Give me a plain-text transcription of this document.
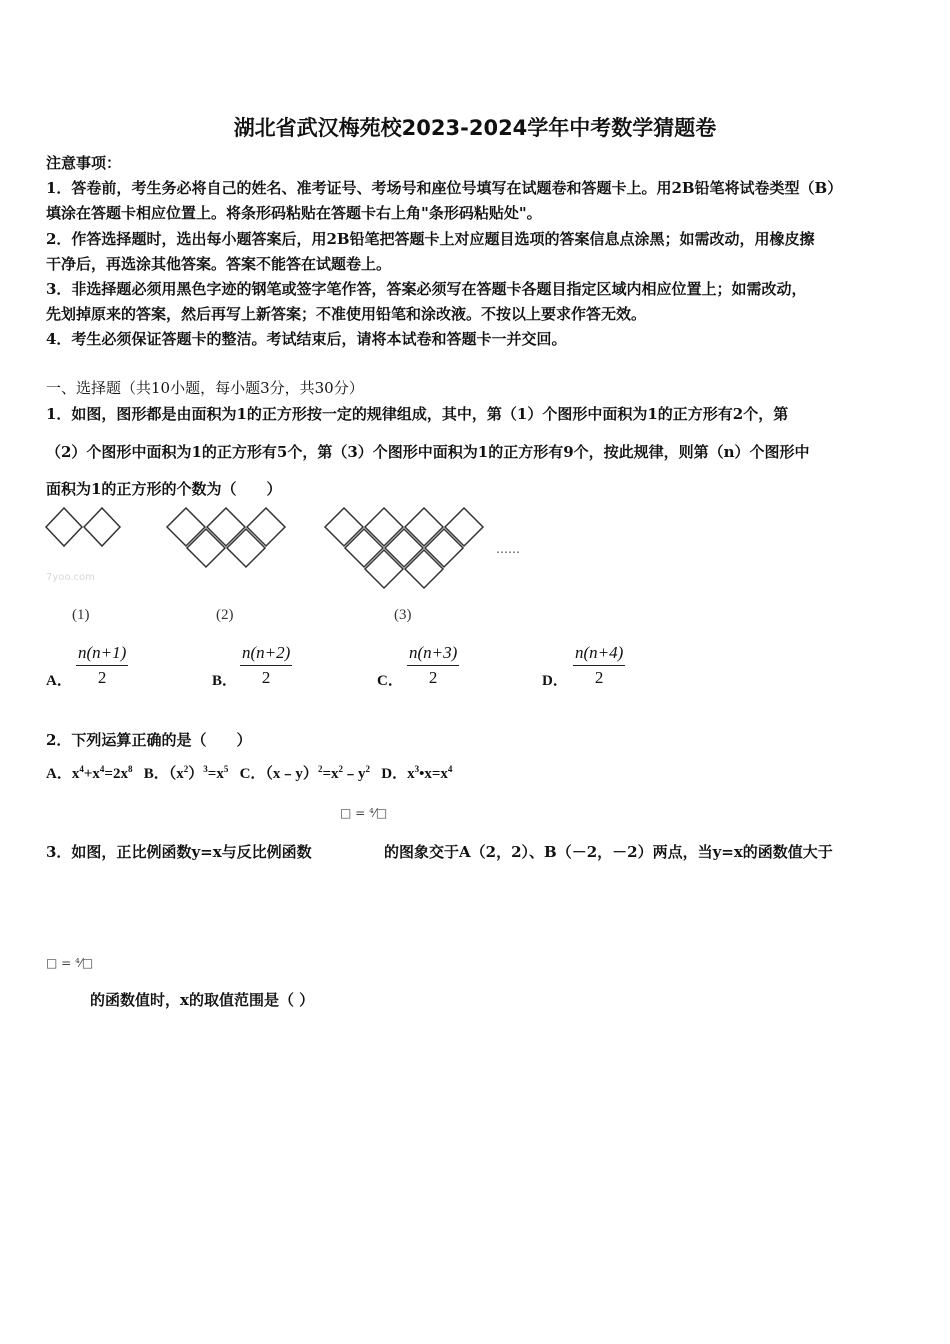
湖北省武汉梅苑校2023-2024学年中考数学猜题卷
注意事项：
1．答卷前，考生务必将自己的姓名、准考证号、考场号和座位号填写在试题卷和答题卡上。用2B铅笔将试卷类型（B）
填涂在答题卡相应位置上。将条形码粘贴在答题卡右上角"条形码粘贴处"。
2．作答选择题时，选出每小题答案后，用2B铅笔把答题卡上对应题目选项的答案信息点涂黑；如需改动，用橡皮擦
干净后，再选涂其他答案。答案不能答在试题卷上。
3．非选择题必须用黑色字迹的钢笔或签字笔作答，答案必须写在答题卡各题目指定区域内相应位置上；如需改动，
先划掉原来的答案，然后再写上新答案；不准使用铅笔和涂改液。不按以上要求作答无效。
4．考生必须保证答题卡的整洁。考试结束后，请将本试卷和答题卡一并交回。
一、选择题（共10小题，每小题3分，共30分）
1．如图，图形都是由面积为1的正方形按一定的规律组成，其中，第（1）个图形中面积为1的正方形有2个，第
（2）个图形中面积为1的正方形有5个，第（3）个图形中面积为1的正方形有9个，按此规律，则第（n）个图形中
面积为1的正方形的个数为（　　）
……
7yoo.com
(1)	(2)	(3)
A． $\frac{n(n+1)}{2}$	B． $\frac{n(n+2)}{2}$	C． $\frac{n(n+3)}{2}$	D． $\frac{n(n+4)}{2}$
2．下列运算正确的是（　　）
A．$x^4+x^4=2x^8$ B．$(x^2)^3=x^5$ C．$(x﹣y)^2=x^2﹣y^2$ D．$x^3•x=x^4$
□ = ⁴⁄□
3．如图，正比例函数y=x与反比例函数	的图象交于A（2，2）、B（－2，－2）两点，当y=x的函数值大于
□ = ⁴⁄□
的函数值时，x的取值范围是（ ）
